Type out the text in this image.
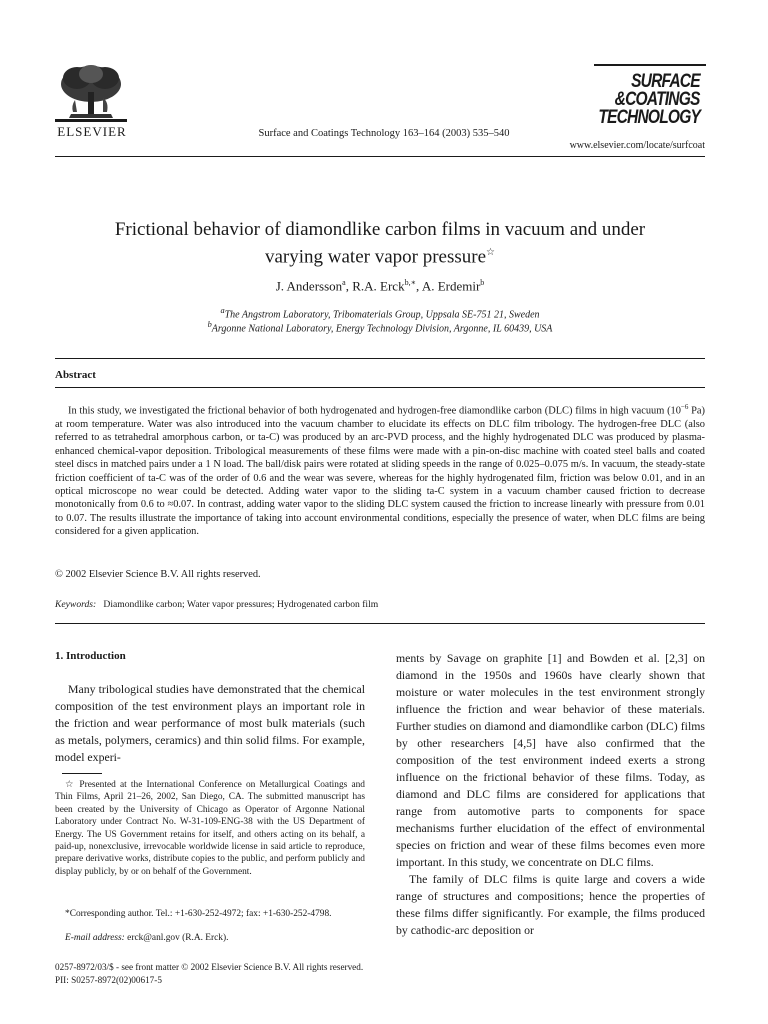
ELSEVIER	Surface and Coatings Technology 163–164 (2003) 535–540
SURFACE
&COATINGS
TECHNOLOGY
www.elsevier.com/locate/surfcoat
Frictional behavior of diamondlike carbon films in vacuum and under
varying water vapor pressure☆
J. Andersson$^a$, R.A. Erck$^{b,∗}$, A. Erdemir$^b$
$^a$The Angstrom Laboratory, Tribomaterials Group, Uppsala SE-751 21, Sweden
$^b$Argonne National Laboratory, Energy Technology Division, Argonne, IL 60439, USA
Abstract
In this study, we investigated the frictional behavior of both hydrogenated and hydrogen-free diamondlike carbon (DLC) films in high vacuum ($10^{-6}$ Pa) at room temperature. Water was also introduced into the vacuum chamber to elucidate its effects on DLC film tribology. The hydrogen-free DLC (also referred to as tetrahedral amorphous carbon, or ta-C) was produced by an arc-PVD process, and the highly hydrogenated DLC was produced by plasma-enhanced chemical-vapor deposition. Tribological measurements of these films were made with a pin-on-disc machine with coated steel balls and coated steel discs in matched pairs under a 1 N load. The ball/disk pairs were rotated at sliding speeds in the range of 0.025–0.075 m/s. In vacuum, the steady-state friction coefficient of ta-C was of the order of 0.6 and the wear was severe, whereas for the highly hydrogenated film, friction was below 0.01, and in an optical microscope no wear could be detected. Adding water vapor to the sliding ta-C system in a vacuum chamber caused friction to decrease monotonically from 0.6 to ≈0.07. In contrast, adding water vapor to the sliding DLC system caused the friction to increase linearly with pressure from 0.01 to 0.07. The results illustrate the importance of taking into account environmental conditions, especially the presence of water, when DLC films are being considered for a given application.
© 2002 Elsevier Science B.V. All rights reserved.
Keywords: Diamondlike carbon; Water vapor pressures; Hydrogenated carbon film
1. Introduction
Many tribological studies have demonstrated that the chemical composition of the test environment plays an important role in the friction and wear performance of most bulk materials (such as metals, polymers, ceramics) and thin solid films. For example, model experi-
☆ Presented at the International Conference on Metallurgical Coatings and Thin Films, April 21–26, 2002, San Diego, CA. The submitted manuscript has been created by the University of Chicago as Operator of Argonne National Laboratory under Contract No. W-31-109-ENG-38 with the US Department of Energy. The US Government retains for itself, and others acting on its behalf, a paid-up, nonexclusive, irrevocable worldwide license in said article to reproduce, prepare derivative works, distribute copies to the public, and perform publicly and display publicly, by or on behalf of the Government.
*Corresponding author. Tel.: +1-630-252-4972; fax: +1-630-252-4798.
E-mail address: erck@anl.gov (R.A. Erck).

ments by Savage on graphite [1] and Bowden et al. [2,3] on diamond in the 1950s and 1960s have clearly shown that moisture or water molecules in the test environment strongly influence the friction and wear behavior of these materials. Further studies on diamond and diamondlike carbon (DLC) films by other researchers [4,5] have also confirmed that the composition of the test environment indeed exerts a strong influence on the frictional behavior of these films. Today, as diamond and DLC films are considered for applications that range from automotive parts to components for space mechanisms further elucidation of the effect of environmental species on friction and wear of these films becomes even more important. In this study, we concentrate on DLC films.

The family of DLC films is quite large and covers a wide range of structures and compositions; hence the properties of these films differ significantly. For example, the films produced by cathodic-arc deposition or

0257-8972/03/$ - see front matter © 2002 Elsevier Science B.V. All rights reserved.
PII: S0257-8972(02)00617-5
